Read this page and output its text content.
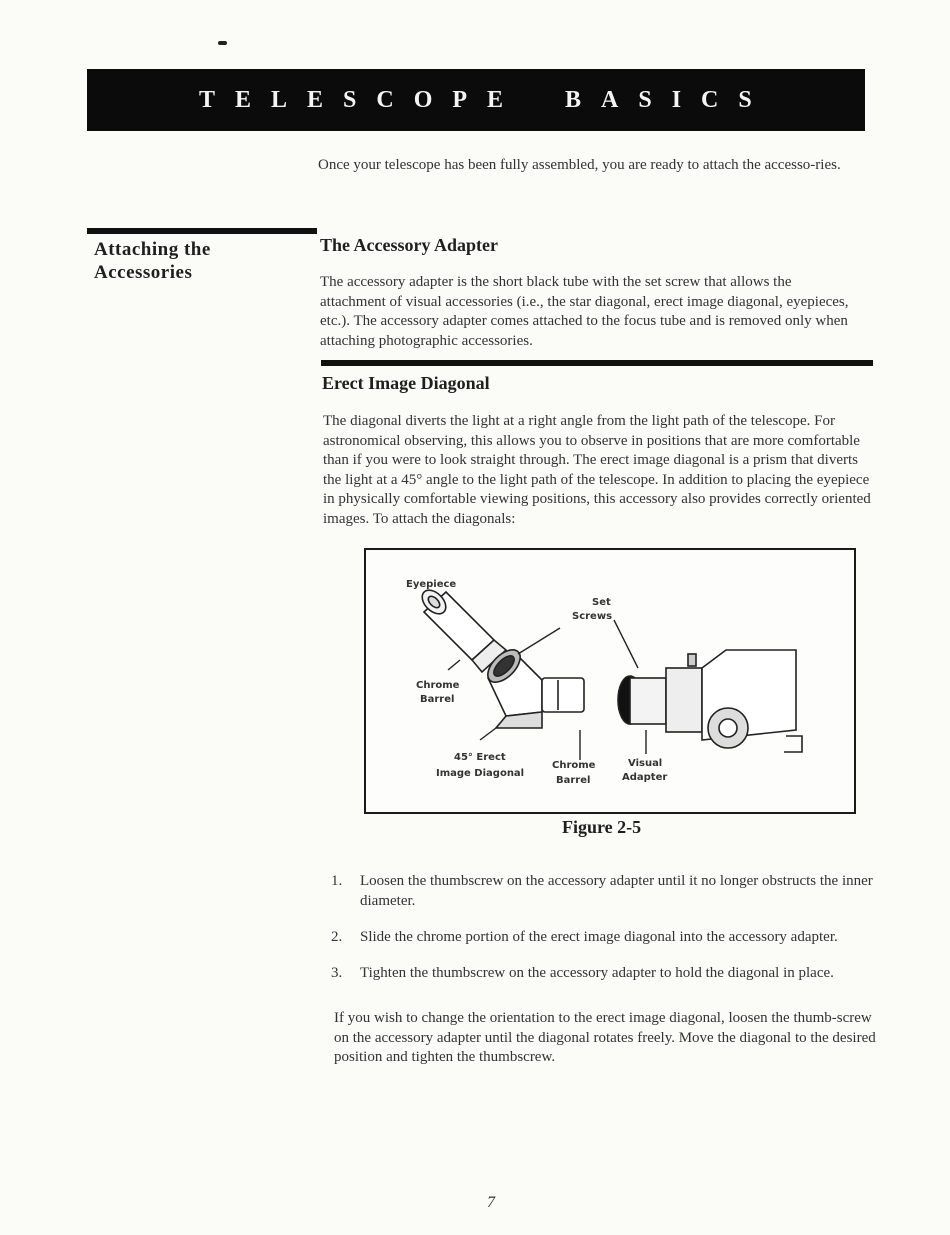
TELESCOPE BASICS

Once your telescope has been fully assembled, you are ready to attach the accesso-ries.

Attaching the
Accessories
The Accessory Adapter

The accessory adapter is the short black tube with the set screw that allows the attachment of visual accessories (i.e., the star diagonal, erect image diagonal, eyepieces, etc.). The accessory adapter comes attached to the focus tube and is removed only when attaching photographic accessories.

Erect Image Diagonal

The diagonal diverts the light at a right angle from the light path of the telescope. For astronomical observing, this allows you to observe in positions that are more comfortable than if you were to look straight through. The erect image diagonal is a prism that diverts the light at a 45° angle to the light path of the telescope. In addition to placing the eyepiece in physically comfortable viewing positions, this accessory also provides correctly oriented images. To attach the diagonals:

Eyepiece
Set
Screws
Chrome
Barrel
45° Erect
Image Diagonal
Chrome
Barrel
Visual
Adapter
Figure 2-5
1. Loosen the thumbscrew on the accessory adapter until it no longer obstructs the inner diameter.
2. Slide the chrome portion of the erect image diagonal into the accessory adapter.
3. Tighten the thumbscrew on the accessory adapter to hold the diagonal in place.

If you wish to change the orientation to the erect image diagonal, loosen the thumb-screw on the accessory adapter until the diagonal rotates freely. Move the diagonal to the desired position and tighten the thumbscrew.

7
